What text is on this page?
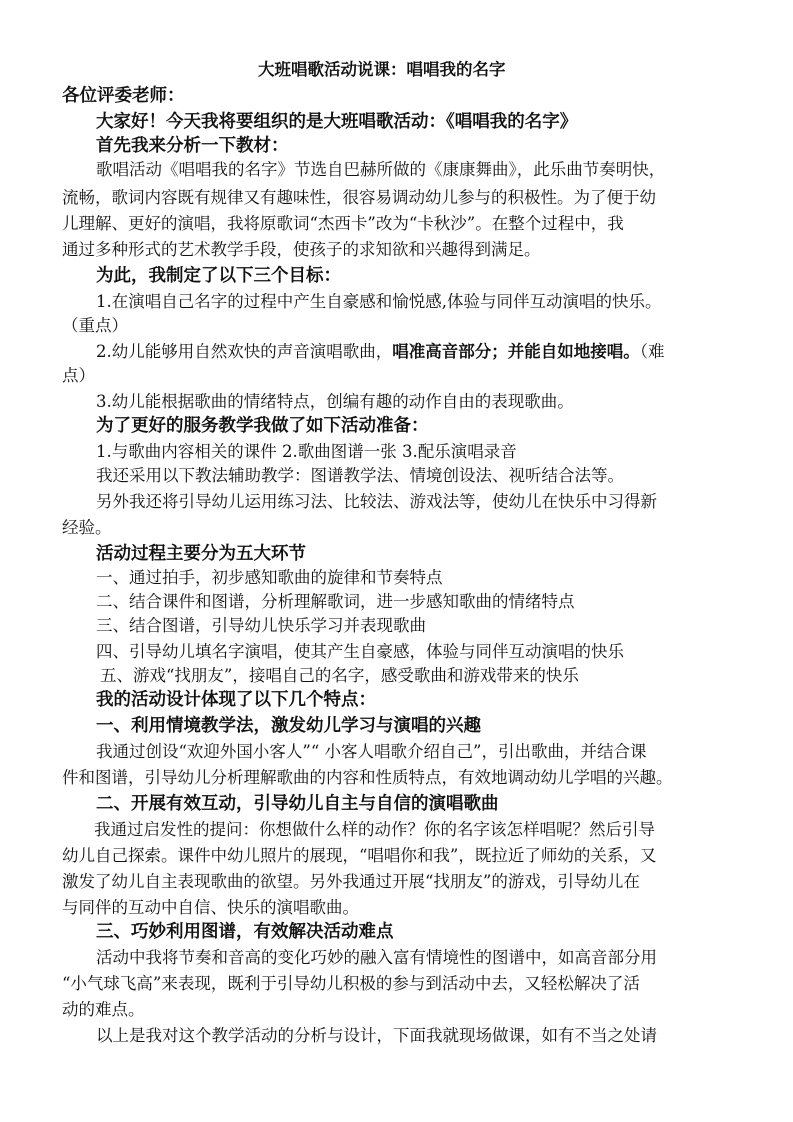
大班唱歌活动说课：唱唱我的名字
各位评委老师：
大家好！今天我将要组织的是大班唱歌活动：《唱唱我的名字》
首先我来分析一下教材：
歌唱活动《唱唱我的名字》节选自巴赫所做的《康康舞曲》，此乐曲节奏明快，
流畅，歌词内容既有规律又有趣味性，很容易调动幼儿参与的积极性。为了便于幼
儿理解、更好的演唱，我将原歌词“杰西卡”改为“卡秋沙”。在整个过程中，我
通过多种形式的艺术教学手段，使孩子的求知欲和兴趣得到满足。
为此，我制定了以下三个目标：
1.在演唱自己名字的过程中产生自豪感和愉悦感,体验与同伴互动演唱的快乐。
（重点）
2.幼儿能够用自然欢快的声音演唱歌曲，唱准高音部分；并能自如地接唱。（难
点）
3.幼儿能根据歌曲的情绪特点，创编有趣的动作自由的表现歌曲。
为了更好的服务教学我做了如下活动准备：
1.与歌曲内容相关的课件 2.歌曲图谱一张 3.配乐演唱录音
我还采用以下教法辅助教学：图谱教学法、情境创设法、视听结合法等。
另外我还将引导幼儿运用练习法、比较法、游戏法等，使幼儿在快乐中习得新
经验。
活动过程主要分为五大环节
一、通过拍手，初步感知歌曲的旋律和节奏特点
二、结合课件和图谱，分析理解歌词，进一步感知歌曲的情绪特点
三、结合图谱，引导幼儿快乐学习并表现歌曲
四、引导幼儿填名字演唱，使其产生自豪感，体验与同伴互动演唱的快乐
五、游戏“找朋友”，接唱自己的名字，感受歌曲和游戏带来的快乐
我的活动设计体现了以下几个特点：
一、利用情境教学法，激发幼儿学习与演唱的兴趣
我通过创设“欢迎外国小客人”“ 小客人唱歌介绍自己”，引出歌曲，并结合课
件和图谱，引导幼儿分析理解歌曲的内容和性质特点，有效地调动幼儿学唱的兴趣。
二、开展有效互动，引导幼儿自主与自信的演唱歌曲
我通过启发性的提问：你想做什么样的动作？你的名字该怎样唱呢？然后引导
幼儿自己探索。课件中幼儿照片的展现，“唱唱你和我”，既拉近了师幼的关系，又
激发了幼儿自主表现歌曲的欲望。另外我通过开展“找朋友”的游戏，引导幼儿在
与同伴的互动中自信、快乐的演唱歌曲。
三、巧妙利用图谱，有效解决活动难点
活动中我将节奏和音高的变化巧妙的融入富有情境性的图谱中，如高音部分用
“小气球飞高”来表现，既利于引导幼儿积极的参与到活动中去，又轻松解决了活
动的难点。
以上是我对这个教学活动的分析与设计，下面我就现场做课，如有不当之处请
